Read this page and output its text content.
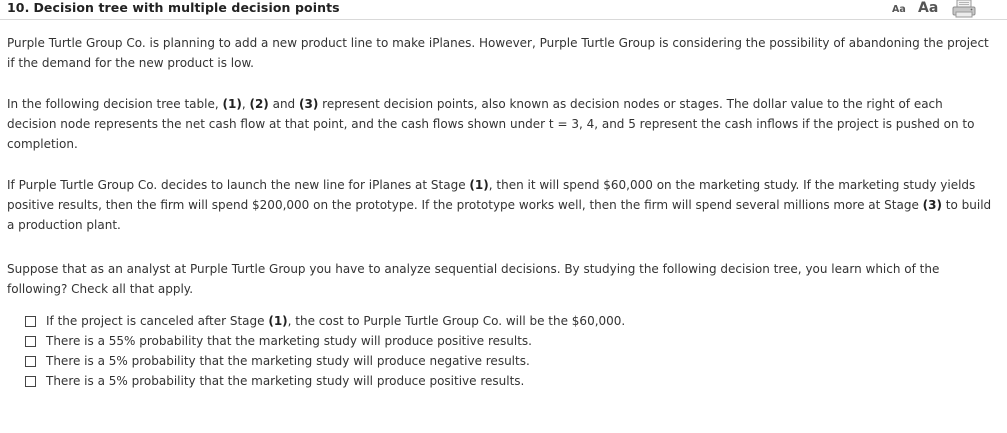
10. Decision tree with multiple decision points	Aa Aa

Purple Turtle Group Co. is planning to add a new product line to make iPlanes. However, Purple Turtle Group is considering the possibility of abandoning the project if the demand for the new product is low.

In the following decision tree table, (1), (2) and (3) represent decision points, also known as decision nodes or stages. The dollar value to the right of each decision node represents the net cash flow at that point, and the cash flows shown under t = 3, 4, and 5 represent the cash inflows if the project is pushed on to completion.

If Purple Turtle Group Co. decides to launch the new line for iPlanes at Stage (1), then it will spend $60,000 on the marketing study. If the marketing study yields positive results, then the firm will spend $200,000 on the prototype. If the prototype works well, then the firm will spend several millions more at Stage (3) to build a production plant.

Suppose that as an analyst at Purple Turtle Group you have to analyze sequential decisions. By studying the following decision tree, you learn which of the following? Check all that apply.

If the project is canceled after Stage (1), the cost to Purple Turtle Group Co. will be the $60,000.
There is a 55% probability that the marketing study will produce positive results.
There is a 5% probability that the marketing study will produce negative results.
There is a 5% probability that the marketing study will produce positive results.
